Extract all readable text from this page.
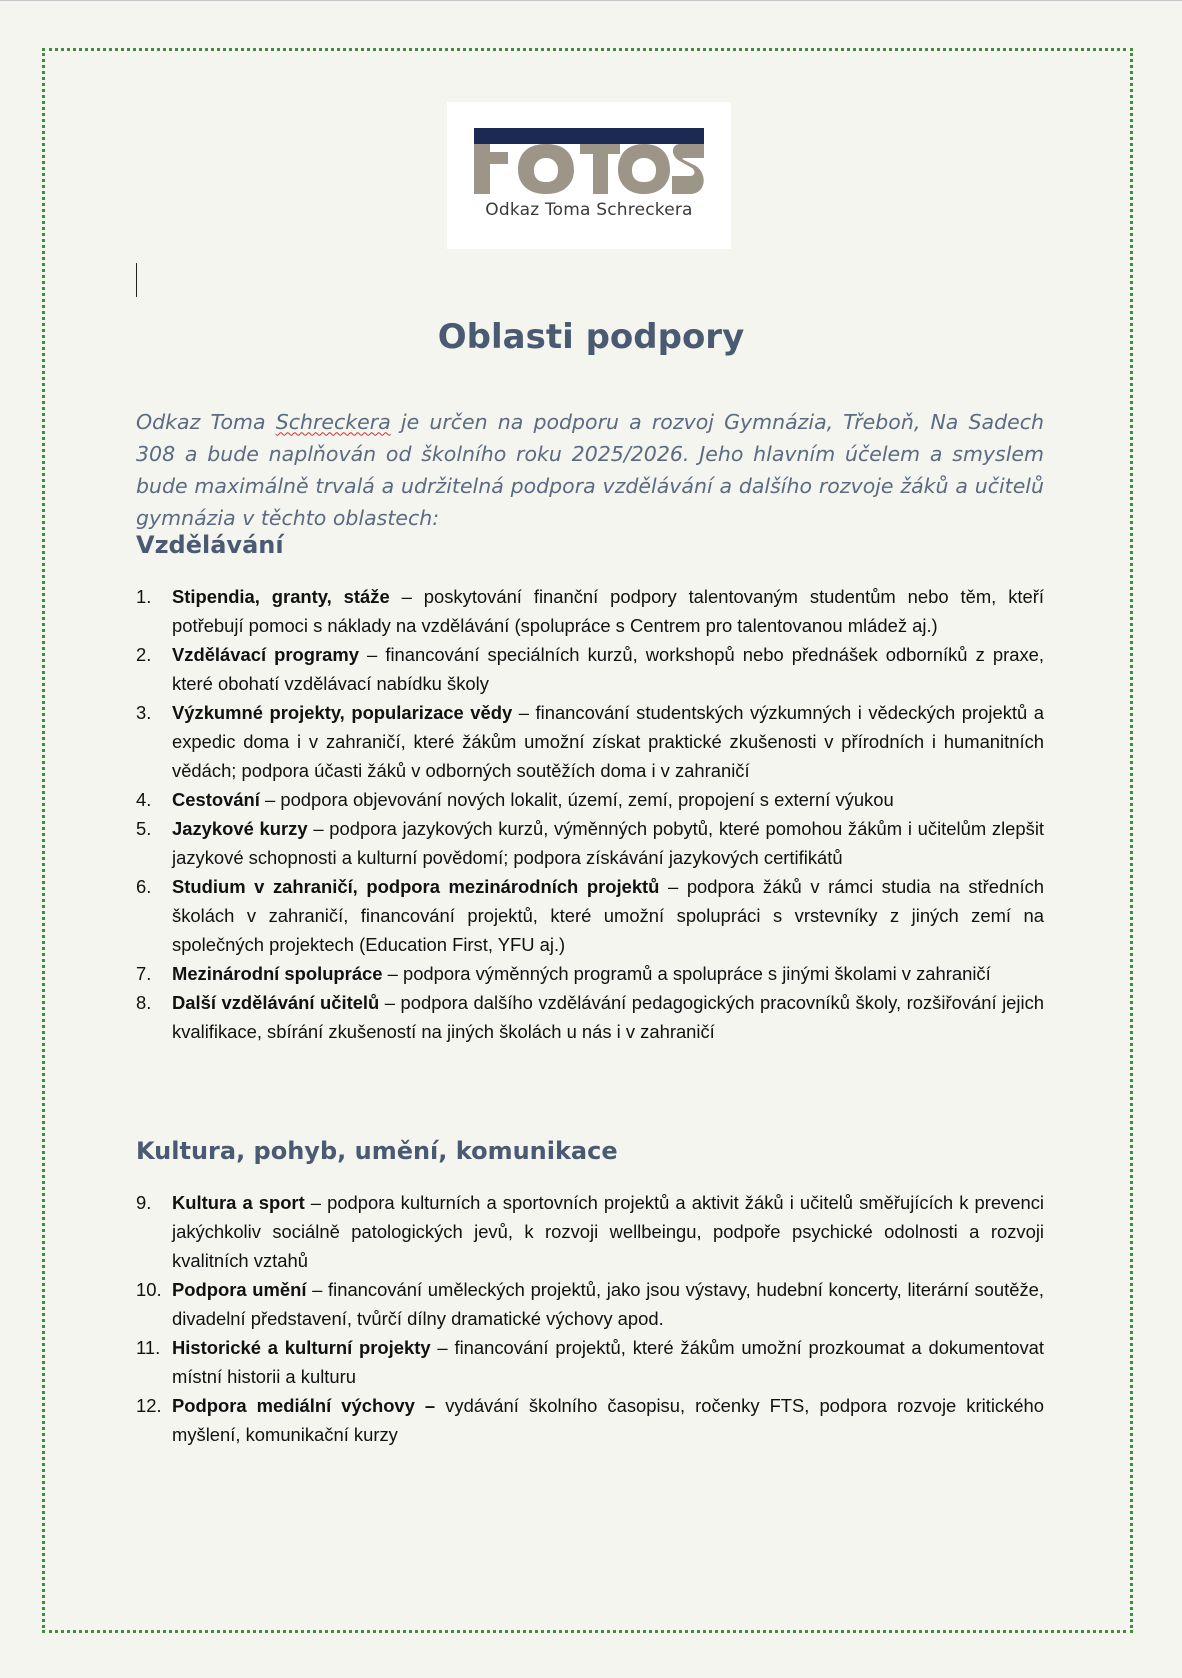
Odkaz Toma Schreckera
Oblasti podpory

Odkaz Toma Schreckera je určen na podporu a rozvoj Gymnázia, Třeboň, Na Sadech 308 a bude naplňován od školního roku 2025/2026. Jeho hlavním účelem a smyslem bude maximálně trvalá a udržitelná podpora vzdělávání a dalšího rozvoje žáků a učitelů gymnázia v těchto oblastech:

Vzdělávání
1. Stipendia, granty, stáže – poskytování finanční podpory talentovaným studentům nebo těm, kteří potřebují pomoci s náklady na vzdělávání (spolupráce s Centrem pro talentovanou mládež aj.)
2. Vzdělávací programy – financování speciálních kurzů, workshopů nebo přednášek odborníků z praxe, které obohatí vzdělávací nabídku školy
3. Výzkumné projekty, popularizace vědy – financování studentských výzkumných i vědeckých projektů a expedic doma i v zahraničí, které žákům umožní získat praktické zkušenosti v přírodních i humanitních vědách; podpora účasti žáků v odborných soutěžích doma i v zahraničí
4. Cestování – podpora objevování nových lokalit, území, zemí, propojení s externí výukou
5. Jazykové kurzy – podpora jazykových kurzů, výměnných pobytů, které pomohou žákům i učitelům zlepšit jazykové schopnosti a kulturní povědomí; podpora získávání jazykových certifikátů
6. Studium v zahraničí, podpora mezinárodních projektů – podpora žáků v rámci studia na středních školách v zahraničí, financování projektů, které umožní spolupráci s vrstevníky z jiných zemí na společných projektech (Education First, YFU aj.)
7. Mezinárodní spolupráce – podpora výměnných programů a spolupráce s jinými školami v zahraničí
8. Další vzdělávání učitelů – podpora dalšího vzdělávání pedagogických pracovníků školy, rozšiřování jejich kvalifikace, sbírání zkušeností na jiných školách u nás i v zahraničí
Kultura, pohyb, umění, komunikace
9. Kultura a sport – podpora kulturních a sportovních projektů a aktivit žáků i učitelů směřujících k prevenci jakýchkoliv sociálně patologických jevů, k rozvoji wellbeingu, podpoře psychické odolnosti a rozvoji kvalitních vztahů
10. Podpora umění – financování uměleckých projektů, jako jsou výstavy, hudební koncerty, literární soutěže, divadelní představení, tvůrčí dílny dramatické výchovy apod.
11. Historické a kulturní projekty – financování projektů, které žákům umožní prozkoumat a dokumentovat místní historii a kulturu
12. Podpora mediální výchovy – vydávání školního časopisu, ročenky FTS, podpora rozvoje kritického myšlení, komunikační kurzy
